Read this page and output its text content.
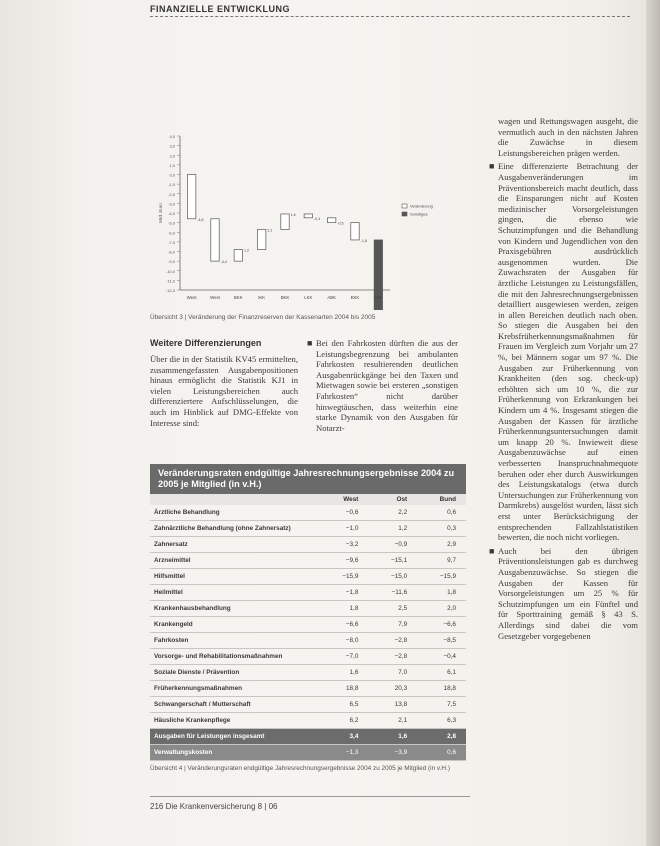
FINANZIELLE ENTWICKLUNG
4,0
3,0
2,0
1,0
0,0
-1,0
-2,0
-3,0
-4,0
-5,0
-6,0
-7,0
-8,0
-9,0
-10,0
-11,0
-12,0
Mrd. Euro	-4,6
West
-4,4
West
1,2
BKK
2,1
IKK
1,6
BKK
-0,4
LKK
-0,5
ABK
-1,8
EKK	ABK
Veränderung
Sonstiges
Übersicht 3 | Veränderung der Finanzreserven der Kassenarten 2004 bis 2005
Weitere Differenzierungen
Über die in der Statistik KV45 ermittelten, zusammengefassten Ausgabenpositionen hinaus ermöglicht die Statistik KJ1 in vielen Leistungsbereichen auch differenziertere Aufschlüsselungen, die auch im Hinblick auf DMG-Effekte von Interesse sind:
■ Bei den Fahrkosten dürften die aus der Leistungsbegrenzung bei ambulanten Fahrkosten resultierenden deutlichen Ausgabenrückgänge bei den Taxen und Mietwagen sowie bei ersteren „sonstigen Fahrkosten“ nicht darüber hinwegtäuschen, dass weiterhin eine starke Dynamik von den Ausgaben für Notarzt-

wagen und Rettungswagen ausgeht, die vermutlich auch in den nächsten Jahren die Zuwächse in diesem Leistungsbereichen prägen werden.

■ Eine differenzierte Betrachtung der Ausgabenveränderungen im Präventionsbereich macht deutlich, dass die Einsparungen nicht auf Kosten medizinischer Vorsorgeleistungen gingen, die ebenso wie Schutzimpfungen und die Behandlung von Kindern und Jugendlichen von den Praxisgebühren ausdrücklich ausgenommen wurden. Die Zuwachsraten der Ausgaben für ärztliche Leistungen zu Leistungsfällen, die mit den Jahresrechnungsergebnissen detailliert ausgewiesen werden, zeigen in allen Bereichen deutlich nach oben. So stiegen die Ausgaben bei den Krebsfrüherkennungsmaßnahmen für Frauen im Vergleich zum Vorjahr um 27 %, bei Männern sogar um 97 %. Die Ausgaben zur Früherkennung von Krankheiten (den sog. check-up) erhöhten sich um 10 %, die zur Früherkennung von Erkrankungen bei Kindern um 4 %. Insgesamt stiegen die Ausgaben der Kassen für ärztliche Früherkennungsuntersuchungen damit um knapp 20 %. Inwieweit diese Ausgabenzuwächse auf einen verbesserten Inanspruchnahmequote beruhen oder eher durch Auswirkungen des Leistungskatalogs (etwa durch Untersuchungen zur Früherkennung von Darmkrebs) ausgelöst wurden, lässt sich erst unter Berücksichtigung der entsprechenden Fallzahlstatistiken bewerten, die noch nicht vorliegen.

■ Auch bei den übrigen Präventionsleistungen gab es durchweg Ausgabenzuwächse. So stiegen die Ausgaben der Kassen für Vorsorgeleistungen um 25 % für Schutzimpfungen um ein Fünftel und für Sporttraining gemäß § 43 S. Allerdings sind dabei die vom Gesetzgeber vorgegebenen

Veränderungsraten endgültige Jahresrechnungsergebnisse 2004 zu 2005 je Mitglied (in v.H.)
	West	Ost	Bund
Ärztliche Behandlung	−0,6	2,2	0,6
Zahnärztliche Behandlung (ohne Zahnersatz)	−1,0	1,2	0,3
Zahnersatz	−3,2	−0,9	2,9
Arzneimittel	−9,6	−15,1	9,7
Hilfsmittel	−15,9	−15,0	−15,9
Heilmittel	−1,8	−11,6	1,8
Krankenhausbehandlung	1,8	2,5	2,0
Krankengeld	−6,6	7,9	−6,6
Fahrkosten	−8,0	−2,8	−8,5
Vorsorge- und Rehabilitationsmaßnahmen	−7,0	−2,8	−0,4
Soziale Dienste / Prävention	1,6	7,0	6,1
Früherkennungsmaßnahmen	18,8	20,3	18,8
Schwangerschaft / Mutterschaft	6,5	13,8	7,5
Häusliche Krankenpflege	6,2	2,1	6,3
Ausgaben für Leistungen insgesamt	3,4	1,6	2,8
Verwaltungskosten	−1,3	−3,9	0,6
Übersicht 4 | Veränderungsraten endgültige Jahresrechnungsergebnisse 2004 zu 2005 je Mitglied (in v.H.)
216 Die Krankenversicherung 8 | 06
